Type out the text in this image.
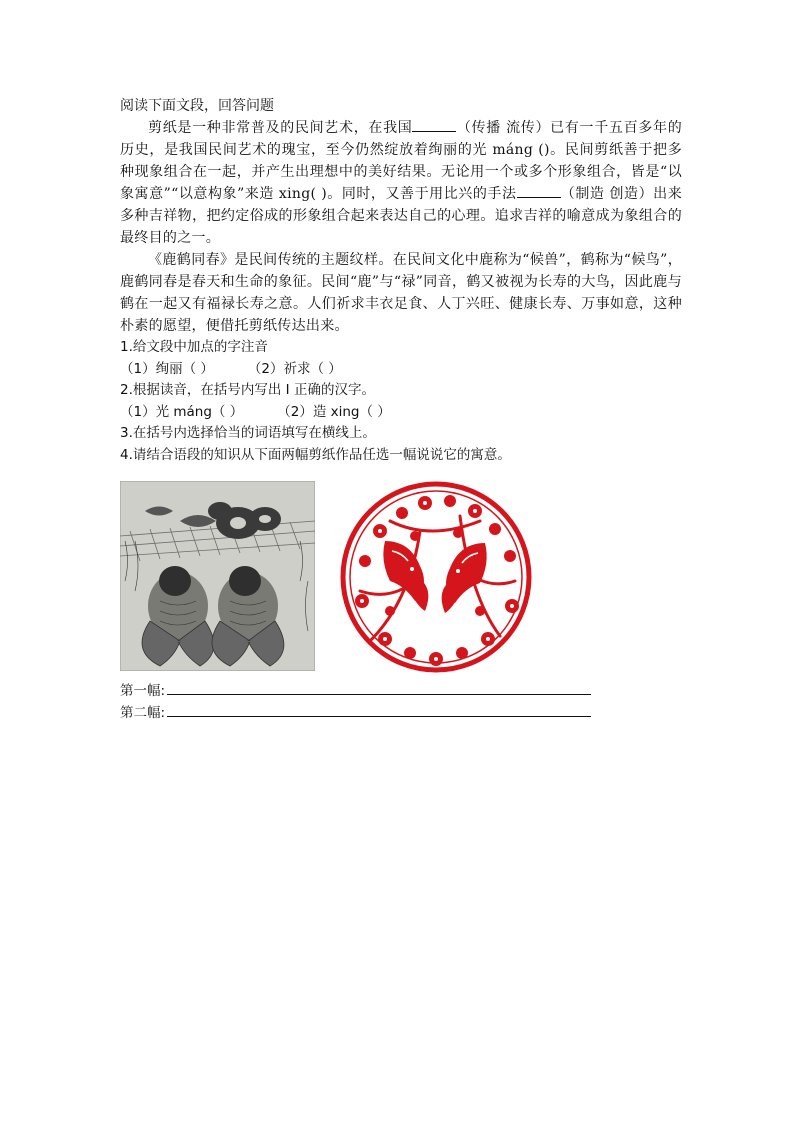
阅读下面文段，回答问题

剪纸是一种非常普及的民间艺术，在我国	（传播 流传）已有一千五百多年的历史，是我国民间艺术的瑰宝，至今仍然绽放着绚丽的光 máng ()。民间剪纸善于把多种现象组合在一起，并产生出理想中的美好结果。无论用一个或多个形象组合，皆是“以象寓意”“以意构象”来造 xing( )。同时，又善于用比兴的手法	（制造 创造）出来多种吉祥物，把约定俗成的形象组合起来表达自己的心理。追求吉祥的喻意成为象组合的最终目的之一。

《鹿鹤同春》是民间传统的主题纹样。在民间文化中鹿称为“候兽”，鹤称为“候鸟”，鹿鹤同春是春天和生命的象征。民间“鹿”与“禄”同音，鹤又被视为长寿的大鸟，因此鹿与鹤在一起又有福禄长寿之意。人们祈求丰衣足食、人丁兴旺、健康长寿、万事如意，这种朴素的愿望，便借托剪纸传达出来。

1.给文段中加点的字注音

（1）绚丽（ ）	（2）祈求（ ）

2.根据读音，在括号内写出 I 正确的汉字。

（1）光 máng（ ）	（2）造 xing（ ）

3.在括号内选择恰当的词语填写在横线上。

4.请结合语段的知识从下面两幅剪纸作品任选一幅说说它的寓意。

第一幅:
第二幅:
